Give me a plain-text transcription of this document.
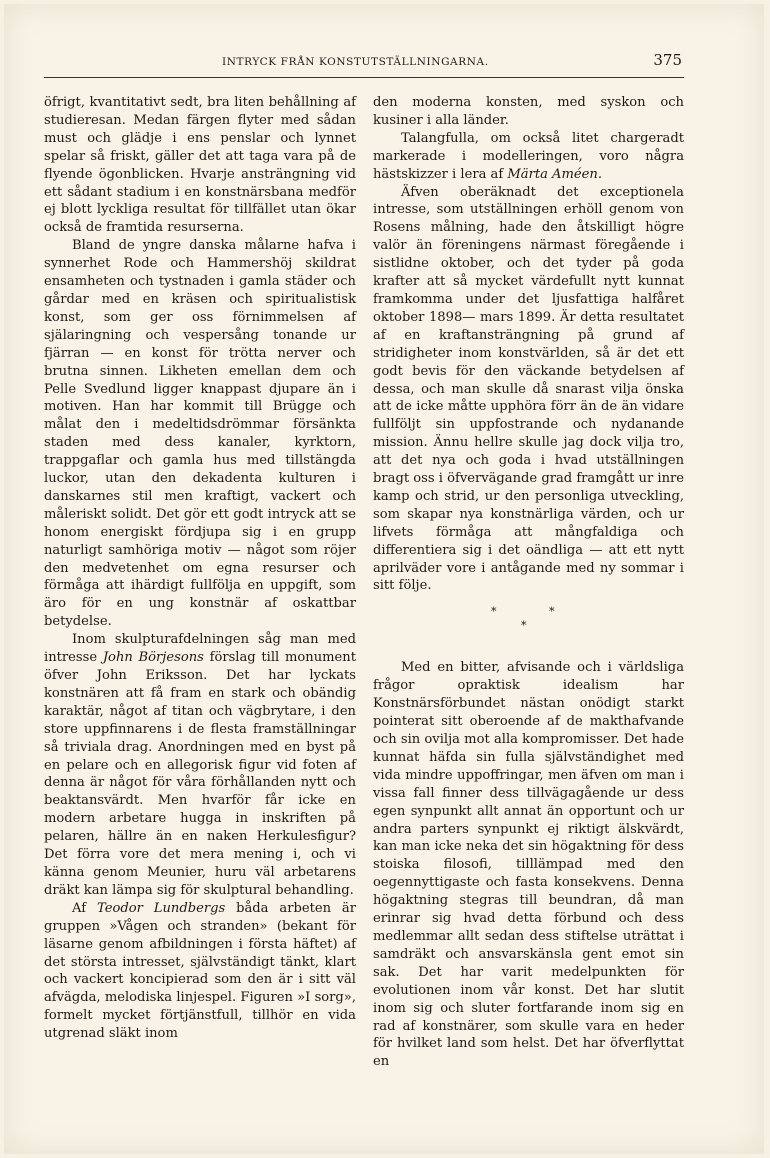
INTRYCK FRÅN KONSTUTSTÄLLNINGARNA.	375

öfrigt, kvantitativt sedt, bra liten behållning af studieresan. Medan färgen flyter med sådan must och glädje i ens penslar och lynnet spelar så friskt, gäller det att taga vara på de flyende ögonblicken. Hvarje ansträngning vid ett sådant stadium i en konstnärsbana medför ej blott lyckliga resultat för tillfället utan ökar också de framtida resurserna.

Bland de yngre danska målarne hafva i synnerhet Rode och Hammershöj skildrat ensamheten och tystnaden i gamla städer och gårdar med en kräsen och spiritualistisk konst, som ger oss förnimmelsen af själaringning och vespersång tonande ur fjärran — en konst för trötta nerver och brutna sinnen. Likheten emellan dem och Pelle Svedlund ligger knappast djupare än i motiven. Han har kommit till Brügge och målat den i medeltidsdrömmar försänkta staden med dess kanaler, kyrktorn, trappgaflar och gamla hus med tillstängda luckor, utan den dekadenta kulturen i danskarnes stil men kraftigt, vackert och måleriskt solidt. Det gör ett godt intryck att se honom energiskt fördjupa sig i en grupp naturligt samhöriga motiv — något som röjer den medvetenhet om egna resurser och förmåga att ihärdigt fullfölja en uppgift, som äro för en ung konstnär af oskattbar betydelse.

Inom skulpturafdelningen såg man med intresse John Börjesons förslag till monument öfver John Eriksson. Det har lyckats konstnären att få fram en stark och obändig karaktär, något af titan och vägbrytare, i den store uppfinnarens i de flesta framställningar så triviala drag. Anordningen med en byst på en pelare och en allegorisk figur vid foten af denna är något för våra förhållanden nytt och beaktansvärdt. Men hvarför får icke en modern arbetare hugga in inskriften på pelaren, hällre än en naken Herkulesfigur? Det förra vore det mera mening i, och vi känna genom Meunier, huru väl arbetarens dräkt kan lämpa sig för skulptural behandling.

Af Teodor Lundbergs båda arbeten är gruppen »Vågen och stranden» (bekant för läsarne genom afbildningen i första häftet) af det största intresset, självständigt tänkt, klart och vackert koncipierad som den är i sitt väl afvägda, melodiska linjespel. Figuren »I sorg», formelt mycket förtjänstfull, tillhör en vida utgrenad släkt inom

den moderna konsten, med syskon och kusiner i alla länder.

Talangfulla, om också litet chargeradt markerade i modelleringen, voro några hästskizzer i lera af Märta Améen.

Äfven oberäknadt det exceptionela intresse, som utställningen erhöll genom von Rosens målning, hade den åtskilligt högre valör än föreningens närmast föregående i sistlidne oktober, och det tyder på goda krafter att så mycket värdefullt nytt kunnat framkomma under det ljusfattiga halfåret oktober 1898— mars 1899. Är detta resultatet af en kraftansträngning på grund af stridigheter inom konstvärlden, så är det ett godt bevis för den väckande betydelsen af dessa, och man skulle då snarast vilja önska att de icke måtte upphöra förr än de än vidare fullföljt sin uppfostrande och nydanande mission. Ännu hellre skulle jag dock vilja tro, att det nya och goda i hvad utställningen bragt oss i öfvervägande grad framgått ur inre kamp och strid, ur den personliga utveckling, som skapar nya konstnärliga värden, och ur lifvets förmåga att mångfaldiga och differentiera sig i det oändliga — att ett nytt aprilväder vore i antågande med ny sommar i sitt följe.

*	*
*

Med en bitter, afvisande och i världsliga frågor opraktisk idealism har Konstnärsförbundet nästan onödigt starkt pointerat sitt oberoende af de makthafvande och sin ovilja mot alla kompromisser. Det hade kunnat häfda sin fulla självständighet med vida mindre uppoffringar, men äfven om man i vissa fall finner dess tillvägagående ur dess egen synpunkt allt annat än opportunt och ur andra parters synpunkt ej riktigt älskvärdt, kan man icke neka det sin högaktning för dess stoiska filosofi, tilllämpad med den oegennyttigaste och fasta konsekvens. Denna högaktning stegras till beundran, då man erinrar sig hvad detta förbund och dess medlemmar allt sedan dess stiftelse uträttat i samdräkt och ansvarskänsla gent emot sin sak. Det har varit medelpunkten för evolutionen inom vår konst. Det har slutit inom sig och sluter fortfarande inom sig en rad af konstnärer, som skulle vara en heder för hvilket land som helst. Det har öfverflyttat en
